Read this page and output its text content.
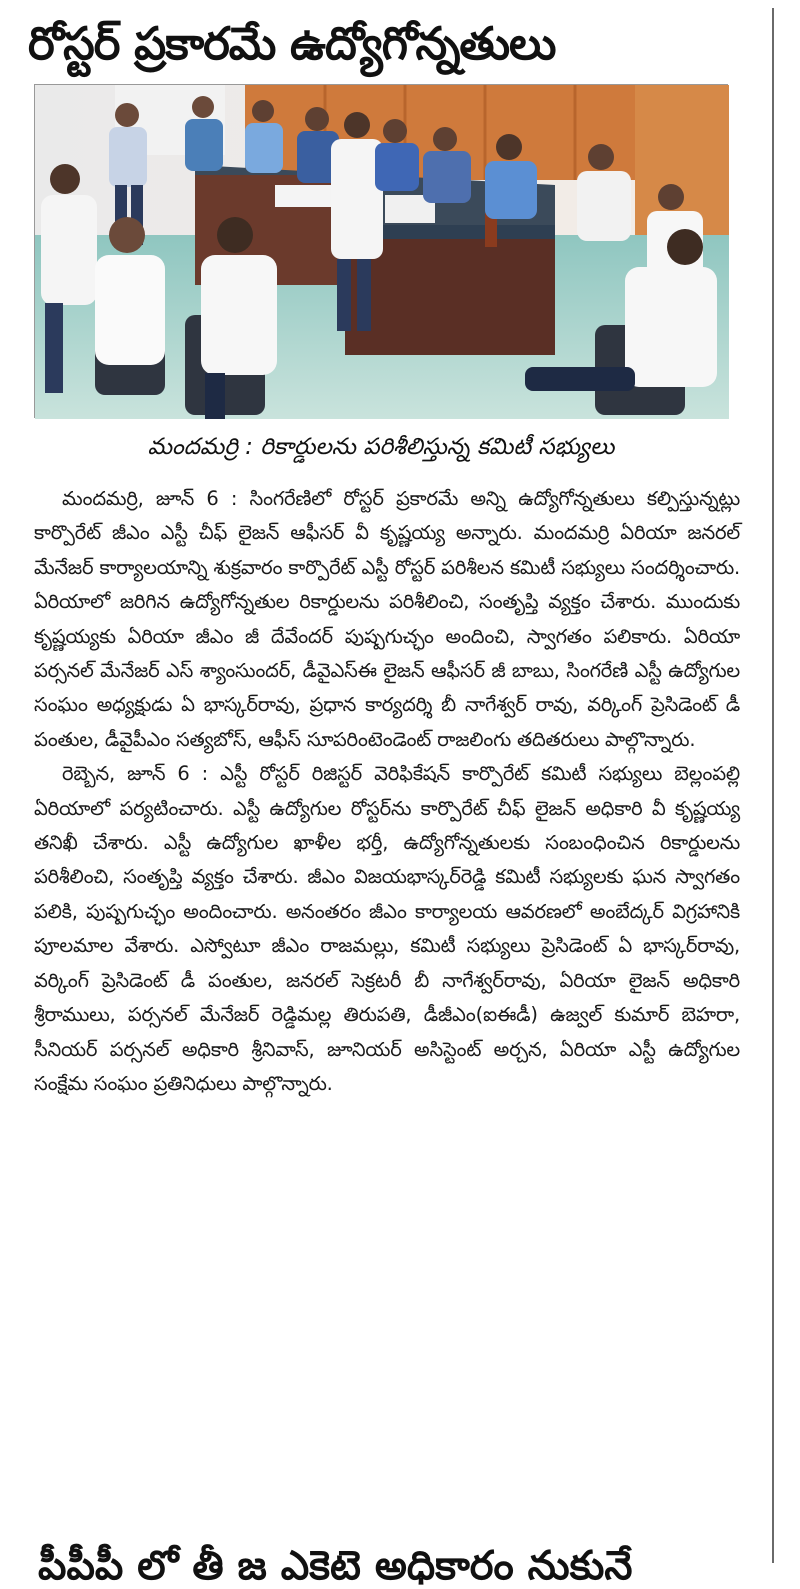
రోస్టర్ ప్రకారమే ఉద్యోగోన్నతులు
మందమర్రి : రికార్డులను పరిశీలిస్తున్న కమిటీ సభ్యులు

మందమర్రి, జూన్ 6 : సింగరేణిలో రోస్టర్ ప్రకారమే అన్ని ఉద్యోగోన్నతులు కల్పిస్తున్నట్లు కార్పొరేట్ జీఎం ఎస్టీ చీఫ్ లైజన్ ఆఫీసర్ వీ కృష్ణయ్య అన్నారు. మందమర్రి ఏరియా జనరల్ మేనేజర్ కార్యాలయాన్ని శుక్రవారం కార్పొరేట్ ఎస్టీ రోస్టర్ పరిశీలన కమిటీ సభ్యులు సందర్శించారు. ఏరియాలో జరిగిన ఉద్యోగోన్నతుల రికార్డులను పరిశీలించి, సంతృప్తి వ్యక్తం చేశారు. ముందుకు కృష్ణయ్యకు ఏరియా జీఎం జీ దేవేందర్ పుష్పగుచ్ఛం అందించి, స్వాగతం పలికారు. ఏరియా పర్సనల్ మేనేజర్ ఎస్ శ్యాంసుందర్, డీవైఎస్ఈ లైజన్ ఆఫీసర్ జీ బాబు, సింగరేణి ఎస్టీ ఉద్యోగుల సంఘం అధ్యక్షుడు ఏ భాస్కర్‌రావు, ప్రధాన కార్యదర్శి బీ నాగేశ్వర్ రావు, వర్కింగ్ ప్రెసిడెంట్ డీ పంతుల, డీవైపీఎం సత్యబోస్, ఆఫీస్ సూపరింటెండెంట్ రాజలింగు తదితరులు పాల్గొన్నారు.

రెబ్బెన, జూన్ 6 : ఎస్టీ రోస్టర్ రిజిస్టర్ వెరిఫికేషన్ కార్పొరేట్ కమిటీ సభ్యులు బెల్లంపల్లి ఏరియాలో పర్యటించారు. ఎస్టీ ఉద్యోగుల రోస్టర్‌ను కార్పొరేట్ చీఫ్ లైజన్ అధికారి వీ కృష్ణయ్య తనిఖీ చేశారు. ఎస్టీ ఉద్యోగుల ఖాళీల భర్తీ, ఉద్యోగోన్నతులకు సంబంధించిన రికార్డులను పరిశీలించి, సంతృప్తి వ్యక్తం చేశారు. జీఎం విజయభాస్కర్‌రెడ్డి కమిటీ సభ్యులకు ఘన స్వాగతం పలికి, పుష్పగుచ్ఛం అందించారు. అనంతరం జీఎం కార్యాలయ ఆవరణలో అంబేద్కర్ విగ్రహానికి పూలమాల వేశారు. ఎస్వోటూ జీఎం రాజమల్లు, కమిటీ సభ్యులు ప్రెసిడెంట్ ఏ భాస్కర్‌రావు, వర్కింగ్ ప్రెసిడెంట్ డీ పంతుల, జనరల్ సెక్రటరీ బీ నాగేశ్వర్‌రావు, ఏరియా లైజన్ అధికారి శ్రీరాములు, పర్సనల్ మేనేజర్ రెడ్డిమల్ల తిరుపతి, డీజీఎం(ఐఈడీ) ఉజ్వల్ కుమార్ బెహరా, సీనియర్ పర్సనల్ అధికారి శ్రీనివాస్, జూనియర్ అసిస్టెంట్ అర్చన, ఏరియా ఎస్టీ ఉద్యోగుల సంక్షేమ సంఘం ప్రతినిధులు పాల్గొన్నారు.

పీపీపీ లో తీ జ ఎకెటె అధికారం నుకునే
